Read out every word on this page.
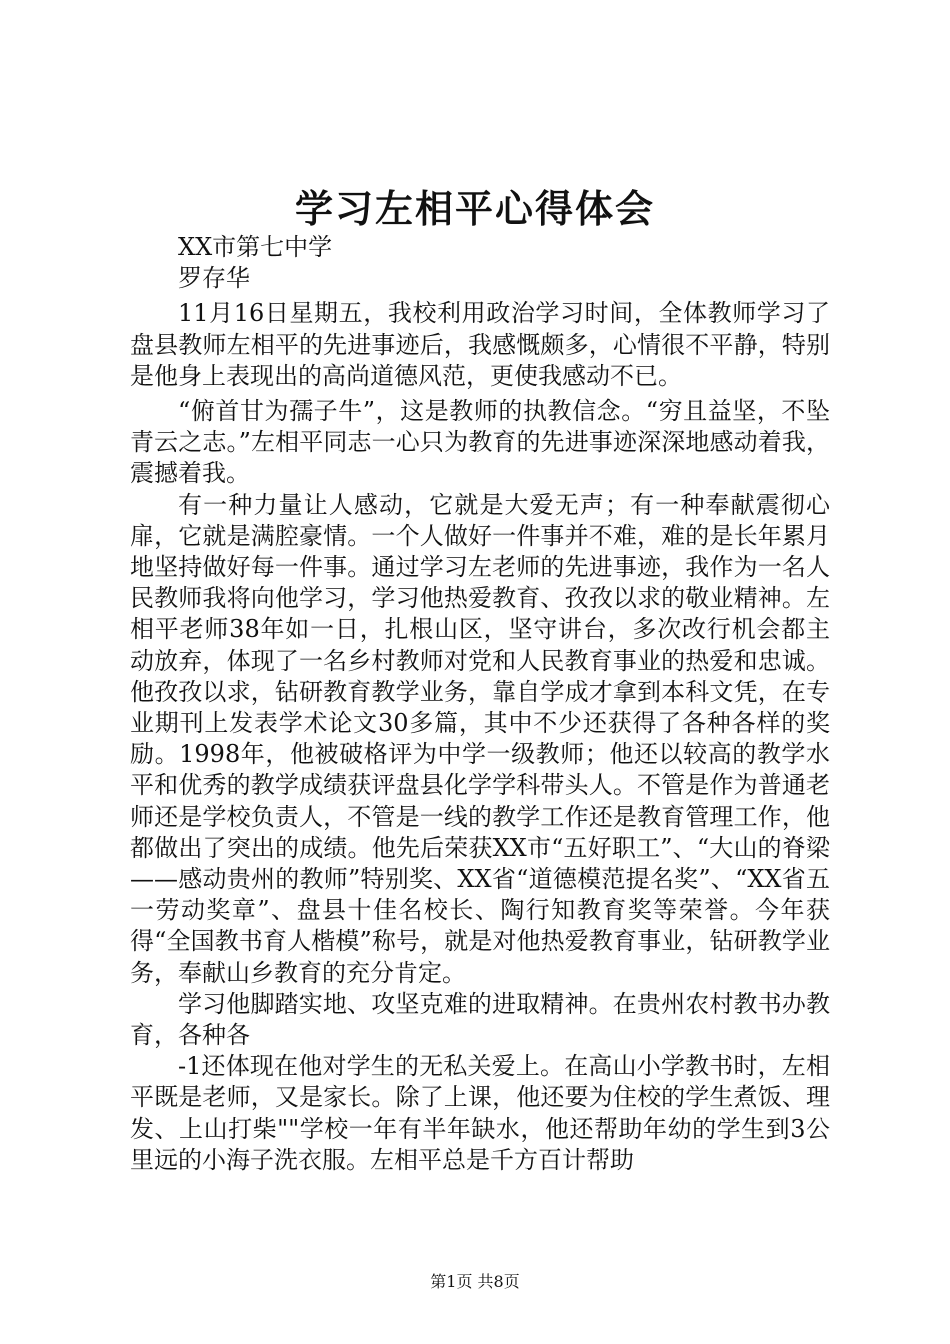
学习左相平心得体会

XX市第七中学

罗存华

11月16日星期五，我校利用政治学习时间，全体教师学习了盘县教师左相平的先进事迹后，我感慨颇多，心情很不平静，特别是他身上表现出的高尚道德风范，更使我感动不已。

“俯首甘为孺子牛”，这是教师的执教信念。“穷且益坚，不坠青云之志。”左相平同志一心只为教育的先进事迹深深地感动着我，震撼着我。

有一种力量让人感动，它就是大爱无声；有一种奉献震彻心扉，它就是满腔豪情。一个人做好一件事并不难，难的是长年累月地坚持做好每一件事。通过学习左老师的先进事迹，我作为一名人民教师我将向他学习，学习他热爱教育、孜孜以求的敬业精神。左相平老师38年如一日，扎根山区，坚守讲台，多次改行机会都主动放弃，体现了一名乡村教师对党和人民教育事业的热爱和忠诚。他孜孜以求，钻研教育教学业务，靠自学成才拿到本科文凭，在专业期刊上发表学术论文30多篇，其中不少还获得了各种各样的奖励。1998年，他被破格评为中学一级教师；他还以较高的教学水平和优秀的教学成绩获评盘县化学学科带头人。不管是作为普通老师还是学校负责人，不管是一线的教学工作还是教育管理工作，他都做出了突出的成绩。他先后荣获XX市“五好职工”、“大山的脊梁——感动贵州的教师”特别奖、XX省“道德模范提名奖”、“XX省五一劳动奖章”、盘县十佳名校长、陶行知教育奖等荣誉。今年获得“全国教书育人楷模”称号，就是对他热爱教育事业，钻研教学业务，奉献山乡教育的充分肯定。

学习他脚踏实地、攻坚克难的进取精神。在贵州农村教书办教育，各种各

-1还体现在他对学生的无私关爱上。在高山小学教书时，左相平既是老师，又是家长。除了上课，他还要为住校的学生煮饭、理发、上山打柴""学校一年有半年缺水，他还帮助年幼的学生到3公里远的小海子洗衣服。左相平总是千方百计帮助

第1页 共8页
